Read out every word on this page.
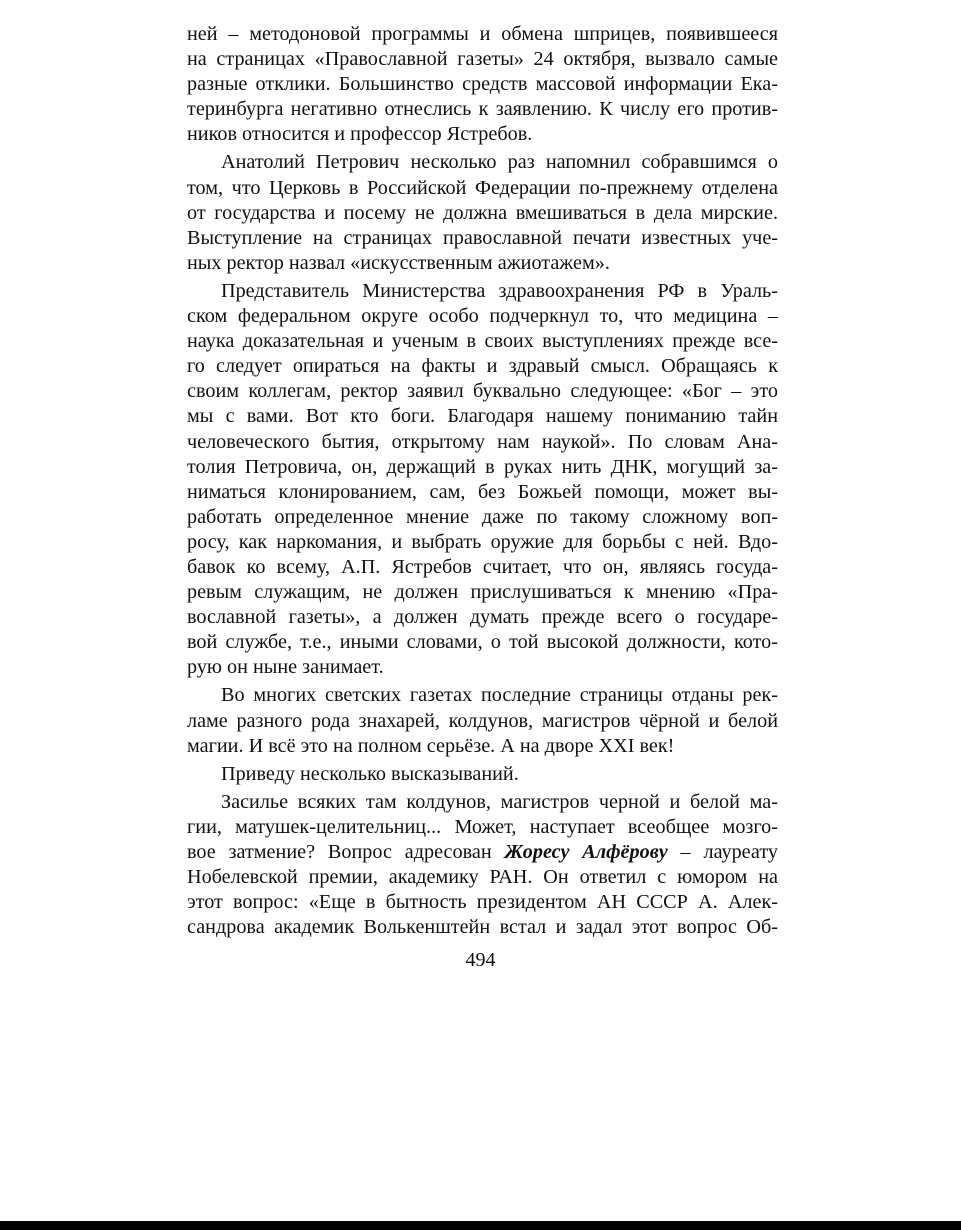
ней – методоновой программы и обмена шприцев, появившееся
на страницах «Православной газеты» 24 октября, вызвало самые
разные отклики. Большинство средств массовой информации Ека-
теринбурга негативно отнеслись к заявлению. К числу его против-
ников относится и профессор Ястребов.

Анатолий Петрович несколько раз напомнил собравшимся о
том, что Церковь в Российской Федерации по-прежнему отделена
от государства и посему не должна вмешиваться в дела мирские.
Выступление на страницах православной печати известных уче-
ных ректор назвал «искусственным ажиотажем».

Представитель Министерства здравоохранения РФ в Ураль-
ском федеральном округе особо подчеркнул то, что медицина –
наука доказательная и ученым в своих выступлениях прежде все-
го следует опираться на факты и здравый смысл. Обращаясь к
своим коллегам, ректор заявил буквально следующее: «Бог – это
мы с вами. Вот кто боги. Благодаря нашему пониманию тайн
человеческого бытия, открытому нам наукой». По словам Ана-
толия Петровича, он, держащий в руках нить ДНК, могущий за-
ниматься клонированием, сам, без Божьей помощи, может вы-
работать определенное мнение даже по такому сложному воп-
росу, как наркомания, и выбрать оружие для борьбы с ней. Вдо-
бавок ко всему, А.П. Ястребов считает, что он, являясь госуда-
ревым служащим, не должен прислушиваться к мнению «Пра-
вославной газеты», а должен думать прежде всего о государе-
вой службе, т.е., иными словами, о той высокой должности, кото-
рую он ныне занимает.

Во многих светских газетах последние страницы отданы рек-
ламе разного рода знахарей, колдунов, магистров чёрной и белой
магии. И всё это на полном серьёзе. А на дворе XXI век!

Приведу несколько высказываний.

Засилье всяких там колдунов, магистров черной и белой ма-
гии, матушек-целительниц... Может, наступает всеобщее мозго-
вое затмение? Вопрос адресован Жоресу Алфёрову – лауреату
Нобелевской премии, академику РАН. Он ответил с юмором на
этот вопрос: «Еще в бытность президентом АН СССР А. Алек-
сандрова академик Волькенштейн встал и задал этот вопрос Об-

494
